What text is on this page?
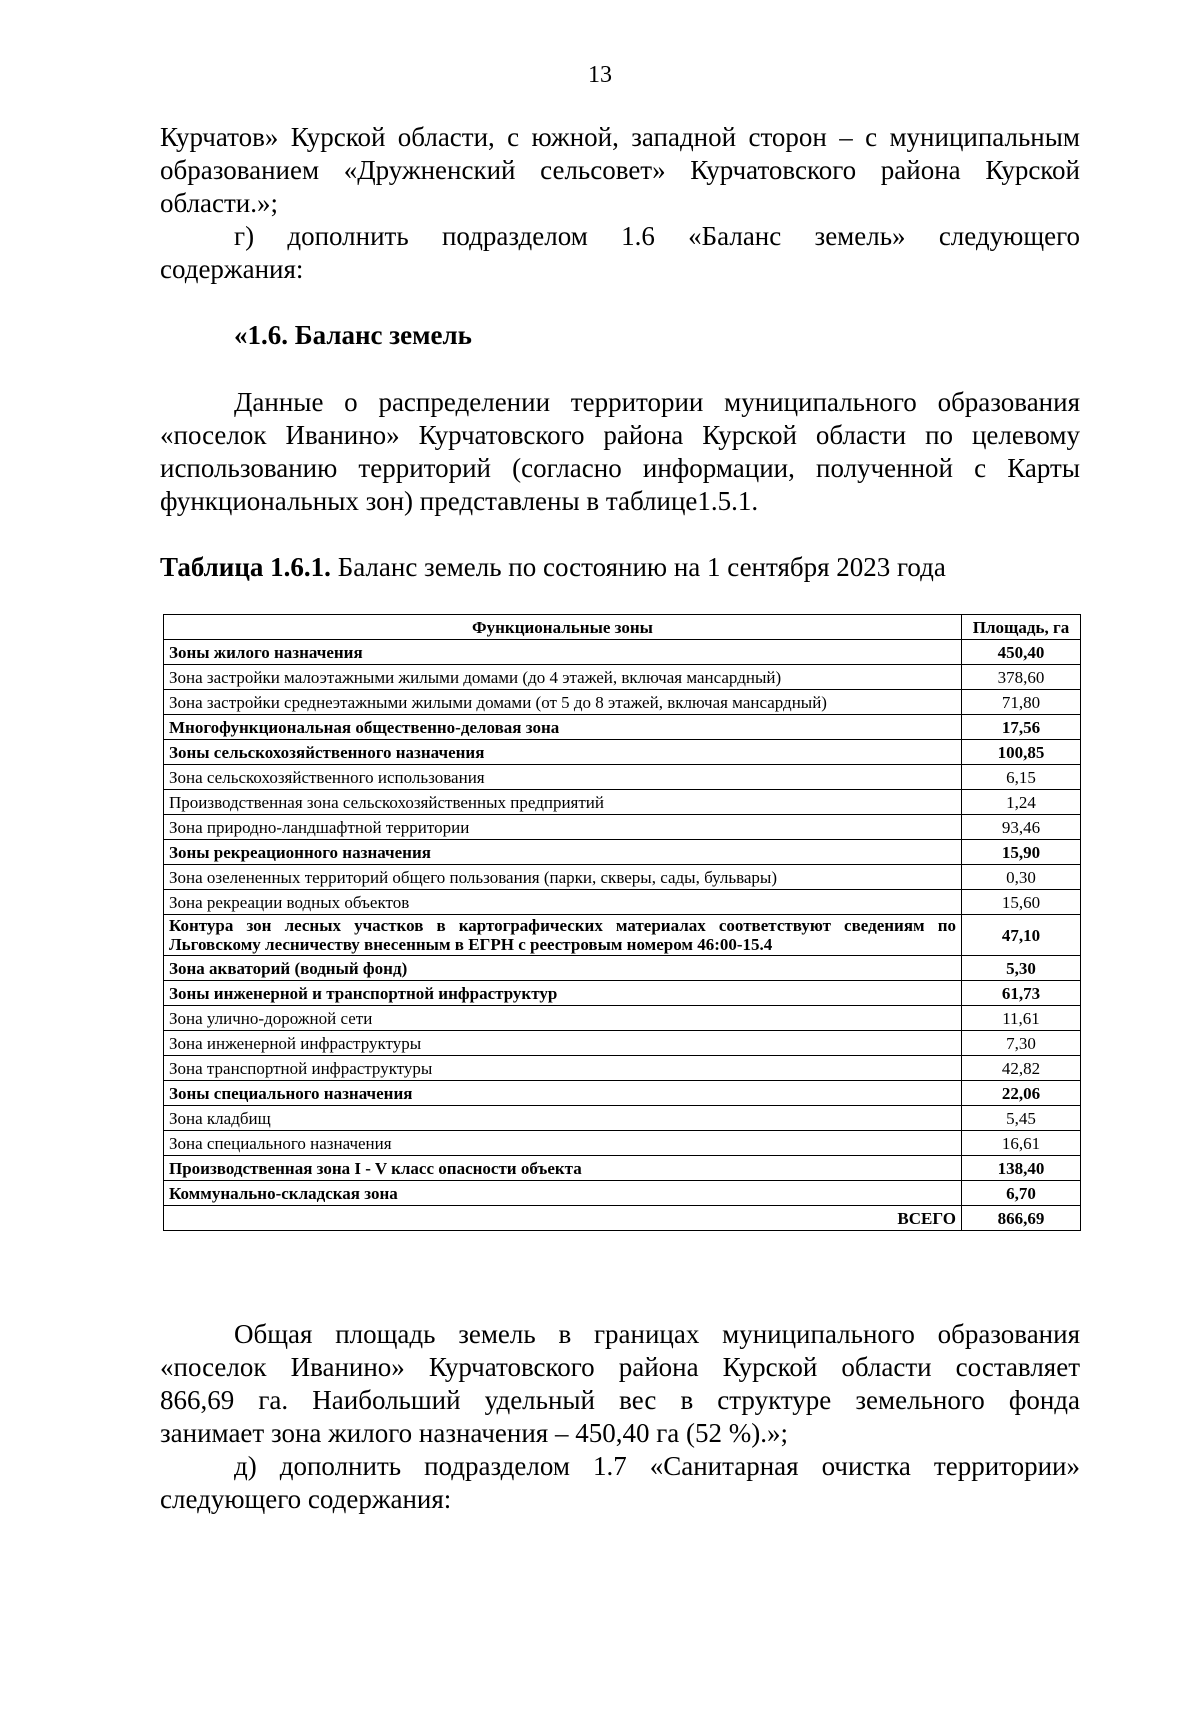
13
Курчатов» Курской области, с южной, западной сторон – с муниципальным
образованием «Дружненский сельсовет» Курчатовского района Курской
области.»;
г) дополнить подразделом 1.6 «Баланс земель» следующего
содержания:
«1.6. Баланс земель
Данные о распределении территории муниципального образования
«поселок Иванино» Курчатовского района Курской области по целевому
использованию территорий (согласно информации, полученной с Карты
функциональных зон) представлены в таблице1.5.1.
Таблица 1.6.1. Баланс земель по состоянию на 1 сентября 2023 года
Функциональные зоны	Площадь, га
Зоны жилого назначения	450,40
Зона застройки малоэтажными жилыми домами (до 4 этажей, включая мансардный)	378,60
Зона застройки среднеэтажными жилыми домами (от 5 до 8 этажей, включая мансардный)	71,80
Многофункциональная общественно-деловая зона	17,56
Зоны сельскохозяйственного назначения	100,85
Зона сельскохозяйственного использования	6,15
Производственная зона сельскохозяйственных предприятий	1,24
Зона природно-ландшафтной территории	93,46
Зоны рекреационного назначения	15,90
Зона озелененных территорий общего пользования (парки, скверы, сады, бульвары)	0,30
Зона рекреации водных объектов	15,60
Контура зон лесных участков в картографических материалах соответствуют сведениям по Льговскому лесничеству внесенным в ЕГРН с реестровым номером 46:00-15.4	47,10
Зона акваторий (водный фонд)	5,30
Зоны инженерной и транспортной инфраструктур	61,73
Зона улично-дорожной сети	11,61
Зона инженерной инфраструктуры	7,30
Зона транспортной инфраструктуры	42,82
Зоны специального назначения	22,06
Зона кладбищ	5,45
Зона специального назначения	16,61
Производственная зона I - V класс опасности объекта	138,40
Коммунально-складская зона	6,70
ВСЕГО	866,69
Общая площадь земель в границах муниципального образования
«поселок Иванино» Курчатовского района Курской области составляет
866,69 га. Наибольший удельный вес в структуре земельного фонда
занимает зона жилого назначения – 450,40 га (52 %).»;
д) дополнить подразделом 1.7 «Санитарная очистка территории»
следующего содержания:
